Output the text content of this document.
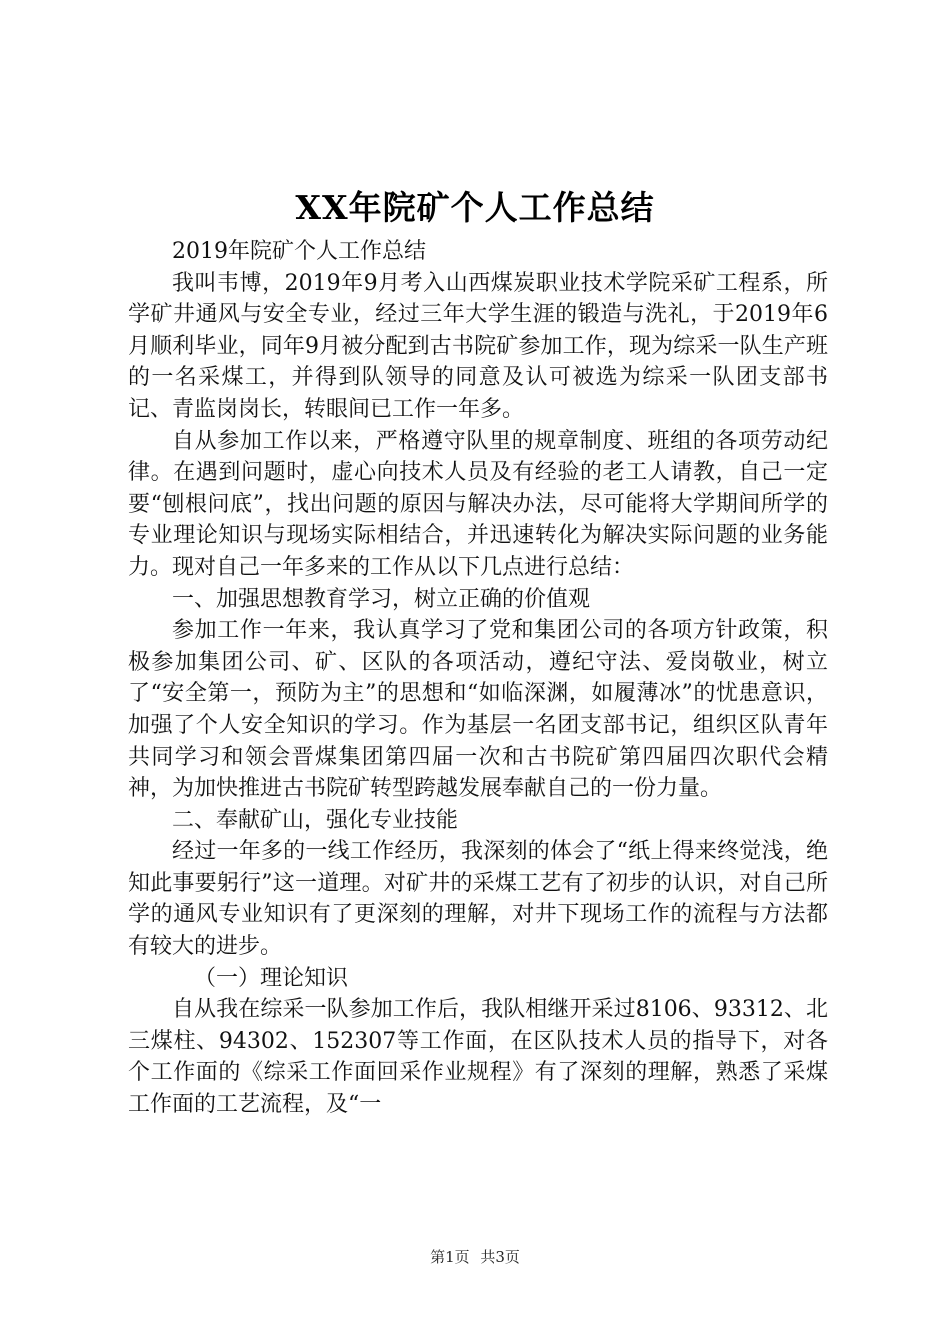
XX年院矿个人工作总结

2019年院矿个人工作总结

我叫韦博，2019年9月考入山西煤炭职业技术学院采矿工程系，所学矿井通风与安全专业，经过三年大学生涯的锻造与洗礼，于2019年6月顺利毕业，同年9月被分配到古书院矿参加工作，现为综采一队生产班的一名采煤工，并得到队领导的同意及认可被选为综采一队团支部书记、青监岗岗长，转眼间已工作一年多。

自从参加工作以来，严格遵守队里的规章制度、班组的各项劳动纪律。在遇到问题时，虚心向技术人员及有经验的老工人请教，自己一定要“刨根问底”，找出问题的原因与解决办法，尽可能将大学期间所学的专业理论知识与现场实际相结合，并迅速转化为解决实际问题的业务能力。现对自己一年多来的工作从以下几点进行总结：

一、加强思想教育学习，树立正确的价值观

参加工作一年来，我认真学习了党和集团公司的各项方针政策，积极参加集团公司、矿、区队的各项活动，遵纪守法、爱岗敬业，树立了“安全第一，预防为主”的思想和“如临深渊，如履薄冰”的忧患意识，加强了个人安全知识的学习。作为基层一名团支部书记，组织区队青年共同学习和领会晋煤集团第四届一次和古书院矿第四届四次职代会精神，为加快推进古书院矿转型跨越发展奉献自己的一份力量。

二、奉献矿山，强化专业技能

经过一年多的一线工作经历，我深刻的体会了“纸上得来终觉浅，绝知此事要躬行”这一道理。对矿井的采煤工艺有了初步的认识，对自己所学的通风专业知识有了更深刻的理解，对井下现场工作的流程与方法都有较大的进步。

（一）理论知识

自从我在综采一队参加工作后，我队相继开采过8106、93312、北三煤柱、94302、152307等工作面，在区队技术人员的指导下，对各个工作面的《综采工作面回采作业规程》有了深刻的理解，熟悉了采煤工作面的工艺流程，及“一

第1页 共3页
